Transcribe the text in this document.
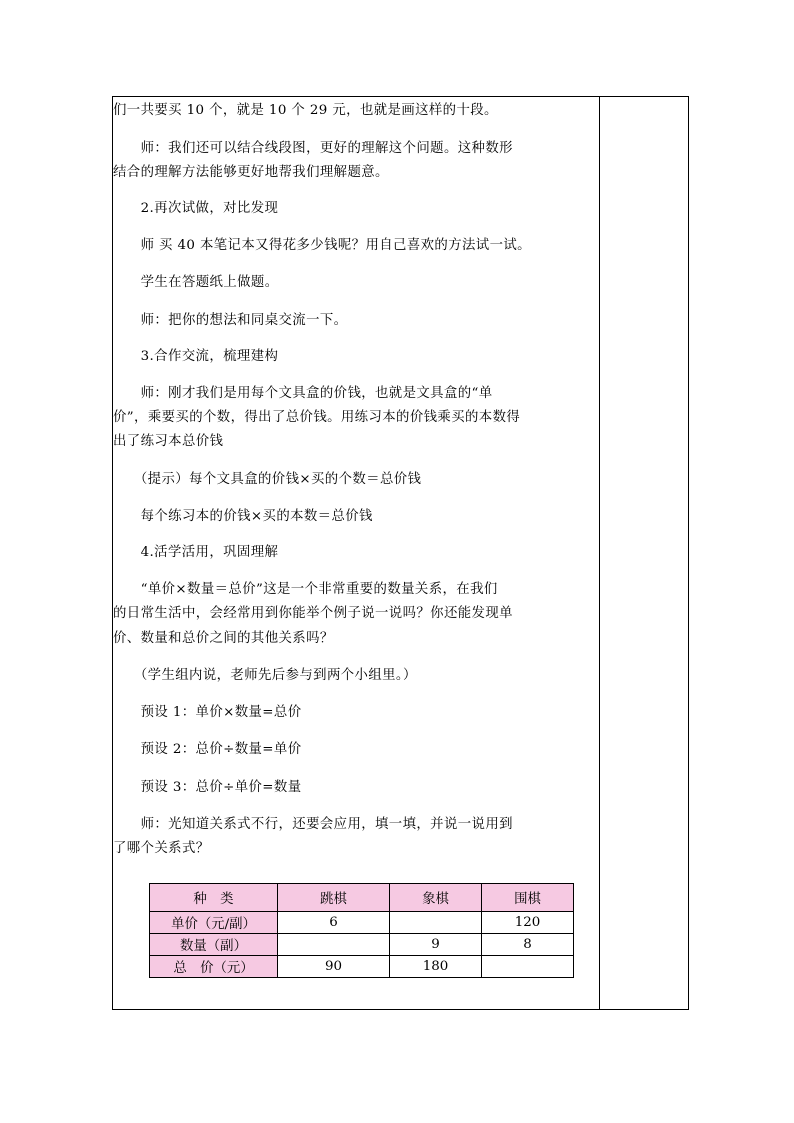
们一共要买 10 个，就是 10 个 29 元，也就是画这样的十段。
　　师：我们还可以结合线段图，更好的理解这个问题。这种数形
结合的理解方法能够更好地帮我们理解题意。
　　2.再次试做，对比发现
　　师 买 40 本笔记本又得花多少钱呢？用自己喜欢的方法试一试。
　　学生在答题纸上做题。
　　师：把你的想法和同桌交流一下。
　　3.合作交流，梳理建构
　　师：刚才我们是用每个文具盒的价钱，也就是文具盒的“单
价”，乘要买的个数，得出了总价钱。用练习本的价钱乘买的本数得
出了练习本总价钱
　　（提示）每个文具盒的价钱×买的个数＝总价钱
　　每个练习本的价钱×买的本数＝总价钱
　　4.活学活用，巩固理解
　　“单价×数量＝总价”这是一个非常重要的数量关系，在我们
的日常生活中，会经常用到你能举个例子说一说吗？你还能发现单
价、数量和总价之间的其他关系吗？
　　（学生组内说，老师先后参与到两个小组里。）
　　预设 1：单价×数量=总价
　　预设 2：总价÷数量=单价
　　预设 3：总价÷单价=数量
　　师：光知道关系式不行，还要会应用，填一填，并说一说用到
了哪个关系式？
种　类	跳棋	象棋	围棋
单价（元/副）	6		120
数量（副）		9	8
总　价（元）	90	180	
